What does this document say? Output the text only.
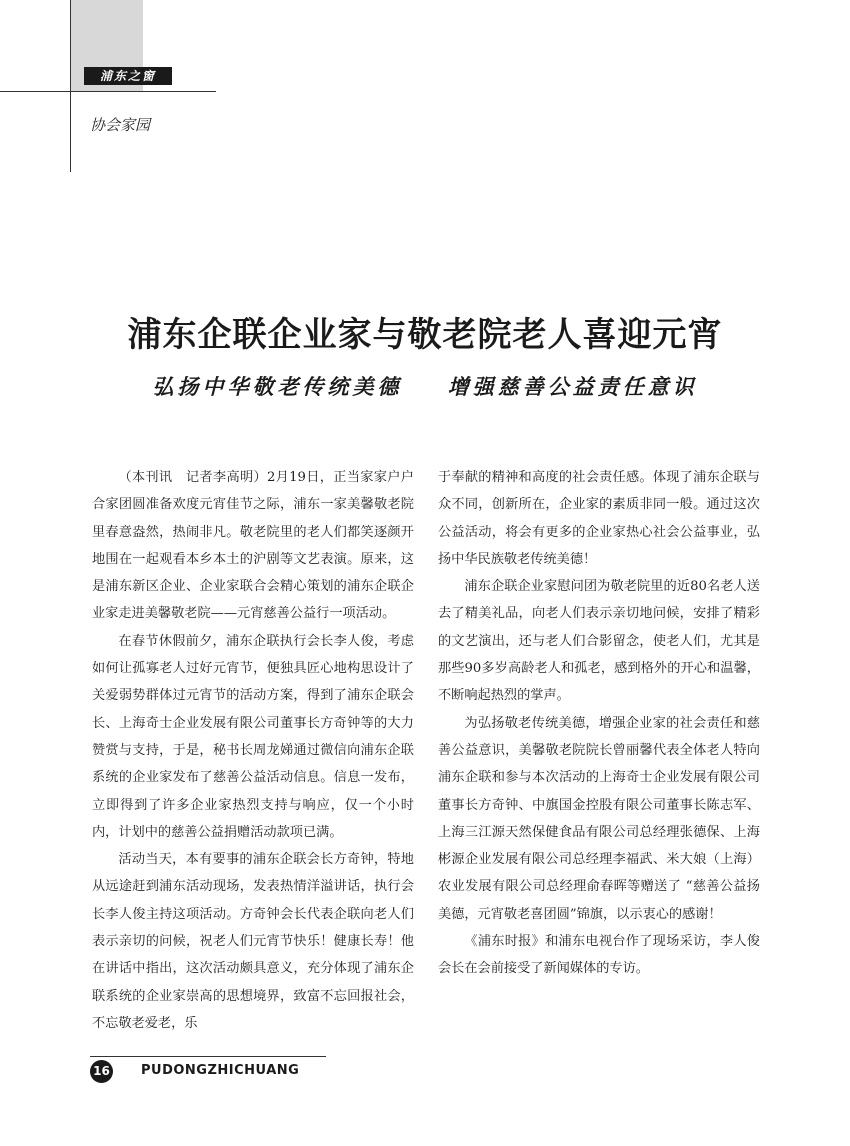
浦东之窗
协会家园
浦东企联企业家与敬老院老人喜迎元宵
弘扬中华敬老传统美德    增强慈善公益责任意识

（本刊讯　记者李高明）2月19日，正当家家户户合家团圆准备欢度元宵佳节之际，浦东一家美馨敬老院里春意盎然，热闹非凡。敬老院里的老人们都笑逐颜开地围在一起观看本乡本土的沪剧等文艺表演。原来，这是浦东新区企业、企业家联合会精心策划的浦东企联企业家走进美馨敬老院——元宵慈善公益行一项活动。

在春节休假前夕，浦东企联执行会长李人俊，考虑如何让孤寡老人过好元宵节，便独具匠心地构思设计了关爱弱势群体过元宵节的活动方案，得到了浦东企联会长、上海奇士企业发展有限公司董事长方奇钟等的大力赞赏与支持，于是，秘书长周龙娣通过微信向浦东企联系统的企业家发布了慈善公益活动信息。信息一发布，立即得到了许多企业家热烈支持与响应，仅一个小时内，计划中的慈善公益捐赠活动款项已满。

活动当天，本有要事的浦东企联会长方奇钟，特地从远途赶到浦东活动现场，发表热情洋溢讲话，执行会长李人俊主持这项活动。方奇钟会长代表企联向老人们表示亲切的问候，祝老人们元宵节快乐！健康长寿！他在讲话中指出，这次活动颇具意义，充分体现了浦东企联系统的企业家崇高的思想境界，致富不忘回报社会，不忘敬老爱老，乐

于奉献的精神和高度的社会责任感。体现了浦东企联与众不同，创新所在，企业家的素质非同一般。通过这次公益活动，将会有更多的企业家热心社会公益事业，弘扬中华民族敬老传统美德！

浦东企联企业家慰问团为敬老院里的近80名老人送去了精美礼品，向老人们表示亲切地问候，安排了精彩的文艺演出，还与老人们合影留念，使老人们，尤其是那些90多岁高龄老人和孤老，感到格外的开心和温馨，不断响起热烈的掌声。

为弘扬敬老传统美德，增强企业家的社会责任和慈善公益意识，美馨敬老院院长曾丽馨代表全体老人特向浦东企联和参与本次活动的上海奇士企业发展有限公司董事长方奇钟、中旗国金控股有限公司董事长陈志军、上海三江源天然保健食品有限公司总经理张德保、上海彬源企业发展有限公司总经理李福武、米大娘（上海）农业发展有限公司总经理俞春晖等赠送了 “慈善公益扬美德，元宵敬老喜团圆”锦旗，以示衷心的感谢！

《浦东时报》和浦东电视台作了现场采访，李人俊会长在会前接受了新闻媒体的专访。

16 PUDONGZHICHUANG
